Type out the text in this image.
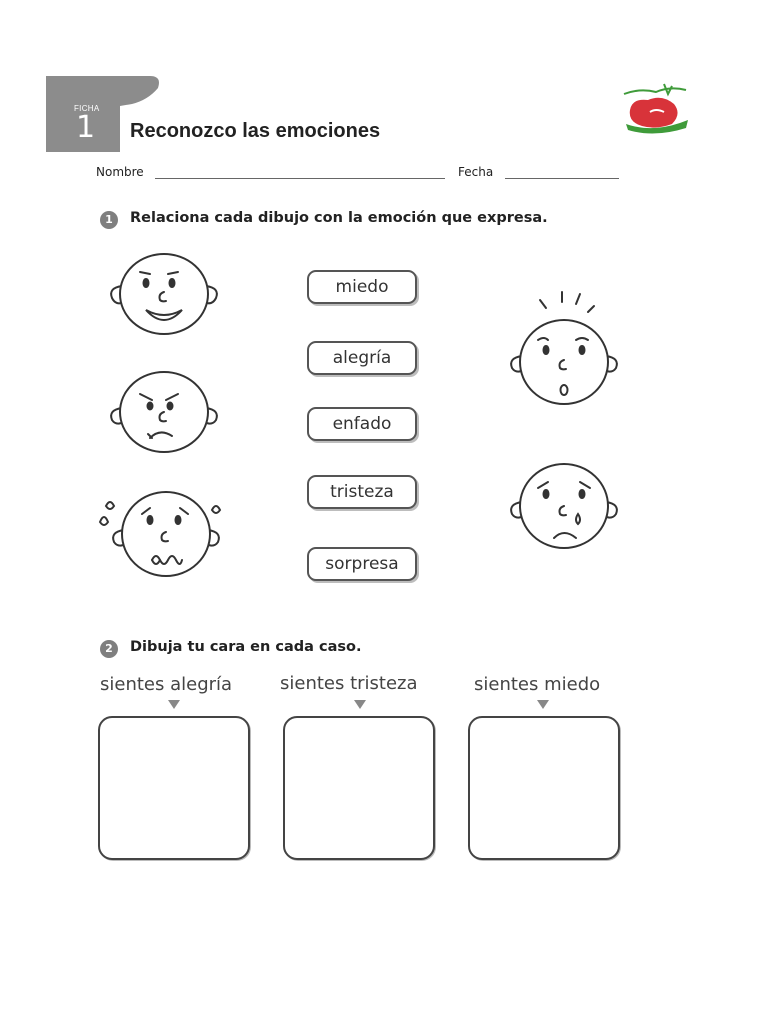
FICHA
1 Reconozco las emociones
Nombre	Fecha
1	Relaciona cada dibujo con la emoción que expresa.
miedo
alegría
enfado
tristeza
sorpresa
2	Dibuja tu cara en cada caso.
sientes alegría	sientes tristeza	sientes miedo
